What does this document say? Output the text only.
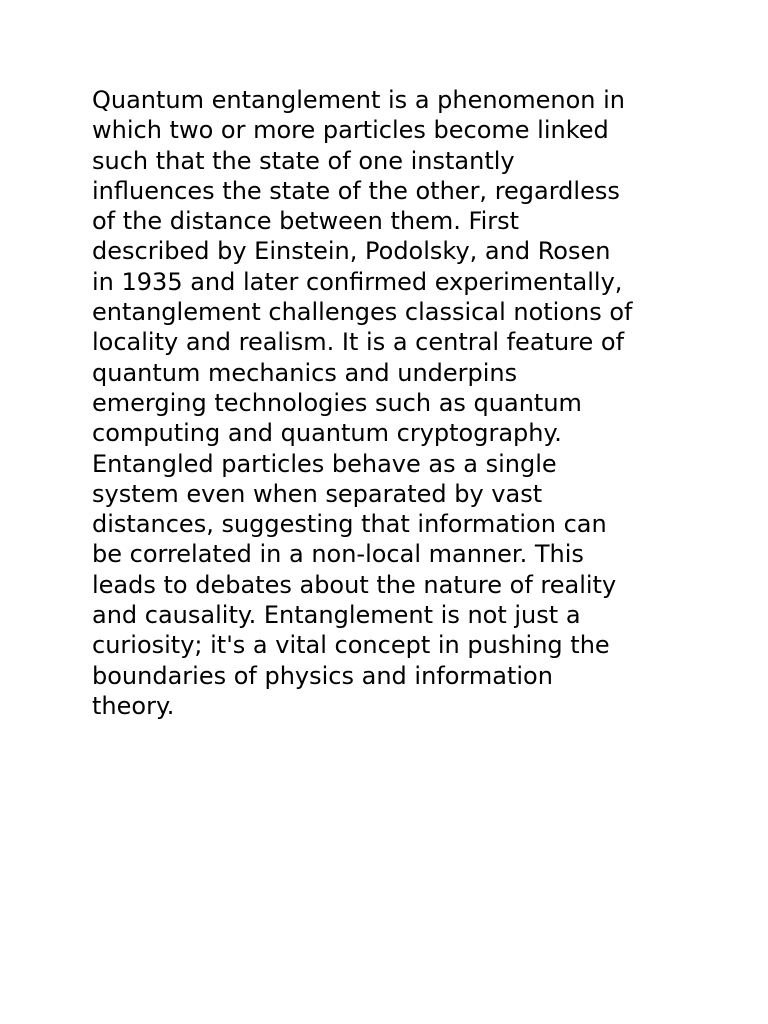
Quantum entanglement is a phenomenon in
which two or more particles become linked
such that the state of one instantly
influences the state of the other, regardless
of the distance between them. First
described by Einstein, Podolsky, and Rosen
in 1935 and later confirmed experimentally,
entanglement challenges classical notions of
locality and realism. It is a central feature of
quantum mechanics and underpins
emerging technologies such as quantum
computing and quantum cryptography.
Entangled particles behave as a single
system even when separated by vast
distances, suggesting that information can
be correlated in a non-local manner. This
leads to debates about the nature of reality
and causality. Entanglement is not just a
curiosity; it's a vital concept in pushing the
boundaries of physics and information
theory.
